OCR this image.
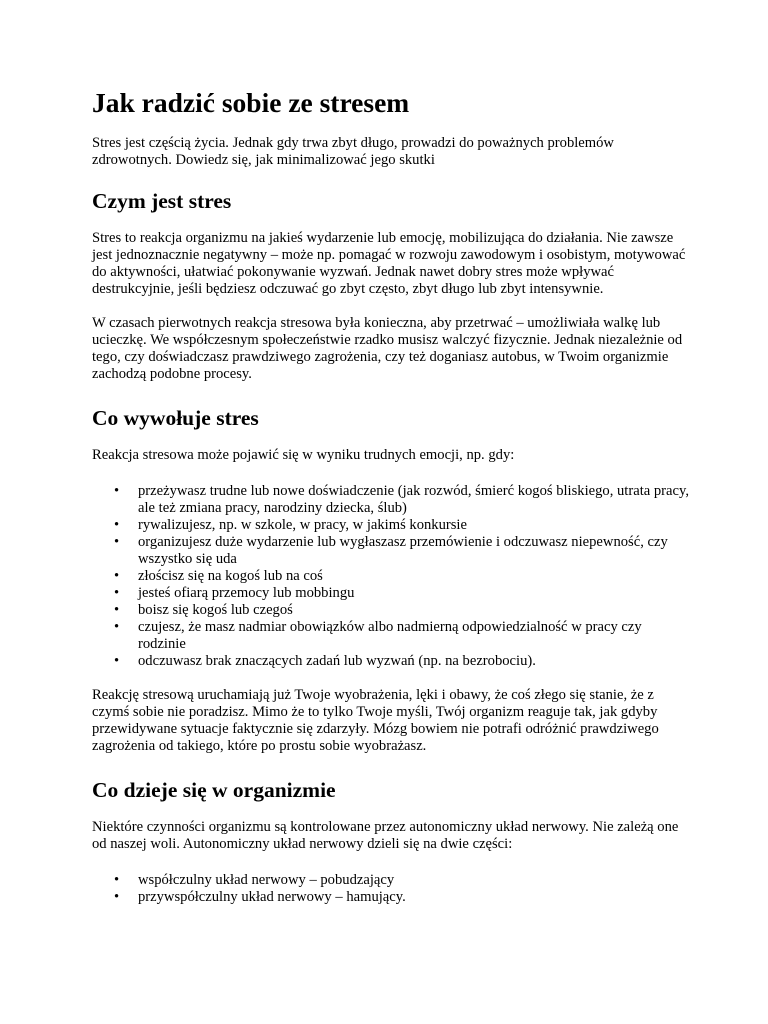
Jak radzić sobie ze stresem

Stres jest częścią życia. Jednak gdy trwa zbyt długo, prowadzi do poważnych problemów zdrowotnych. Dowiedz się, jak minimalizować jego skutki

Czym jest stres

Stres to reakcja organizmu na jakieś wydarzenie lub emocję, mobilizująca do działania. Nie zawsze jest jednoznacznie negatywny – może np. pomagać w rozwoju zawodowym i osobistym, motywować do aktywności, ułatwiać pokonywanie wyzwań. Jednak nawet dobry stres może wpływać destrukcyjnie, jeśli będziesz odczuwać go zbyt często, zbyt długo lub zbyt intensywnie.

W czasach pierwotnych reakcja stresowa była konieczna, aby przetrwać – umożliwiała walkę lub ucieczkę. We współczesnym społeczeństwie rzadko musisz walczyć fizycznie. Jednak niezależnie od tego, czy doświadczasz prawdziwego zagrożenia, czy też doganiasz autobus, w Twoim organizmie zachodzą podobne procesy.

Co wywołuje stres

Reakcja stresowa może pojawić się w wyniku trudnych emocji, np. gdy:

• przeżywasz trudne lub nowe doświadczenie (jak rozwód, śmierć kogoś bliskiego, utrata pracy, ale też zmiana pracy, narodziny dziecka, ślub)
• rywalizujesz, np. w szkole, w pracy, w jakimś konkursie
• organizujesz duże wydarzenie lub wygłaszasz przemówienie i odczuwasz niepewność, czy wszystko się uda
• złościsz się na kogoś lub na coś
• jesteś ofiarą przemocy lub mobbingu
• boisz się kogoś lub czegoś
• czujesz, że masz nadmiar obowiązków albo nadmierną odpowiedzialność w pracy czy rodzinie
• odczuwasz brak znaczących zadań lub wyzwań (np. na bezrobociu).

Reakcję stresową uruchamiają już Twoje wyobrażenia, lęki i obawy, że coś złego się stanie, że z czymś sobie nie poradzisz. Mimo że to tylko Twoje myśli, Twój organizm reaguje tak, jak gdyby przewidywane sytuacje faktycznie się zdarzyły. Mózg bowiem nie potrafi odróżnić prawdziwego zagrożenia od takiego, które po prostu sobie wyobrażasz.

Co dzieje się w organizmie

Niektóre czynności organizmu są kontrolowane przez autonomiczny układ nerwowy. Nie zależą one od naszej woli. Autonomiczny układ nerwowy dzieli się na dwie części:

• współczulny układ nerwowy – pobudzający
• przywspółczulny układ nerwowy – hamujący.
